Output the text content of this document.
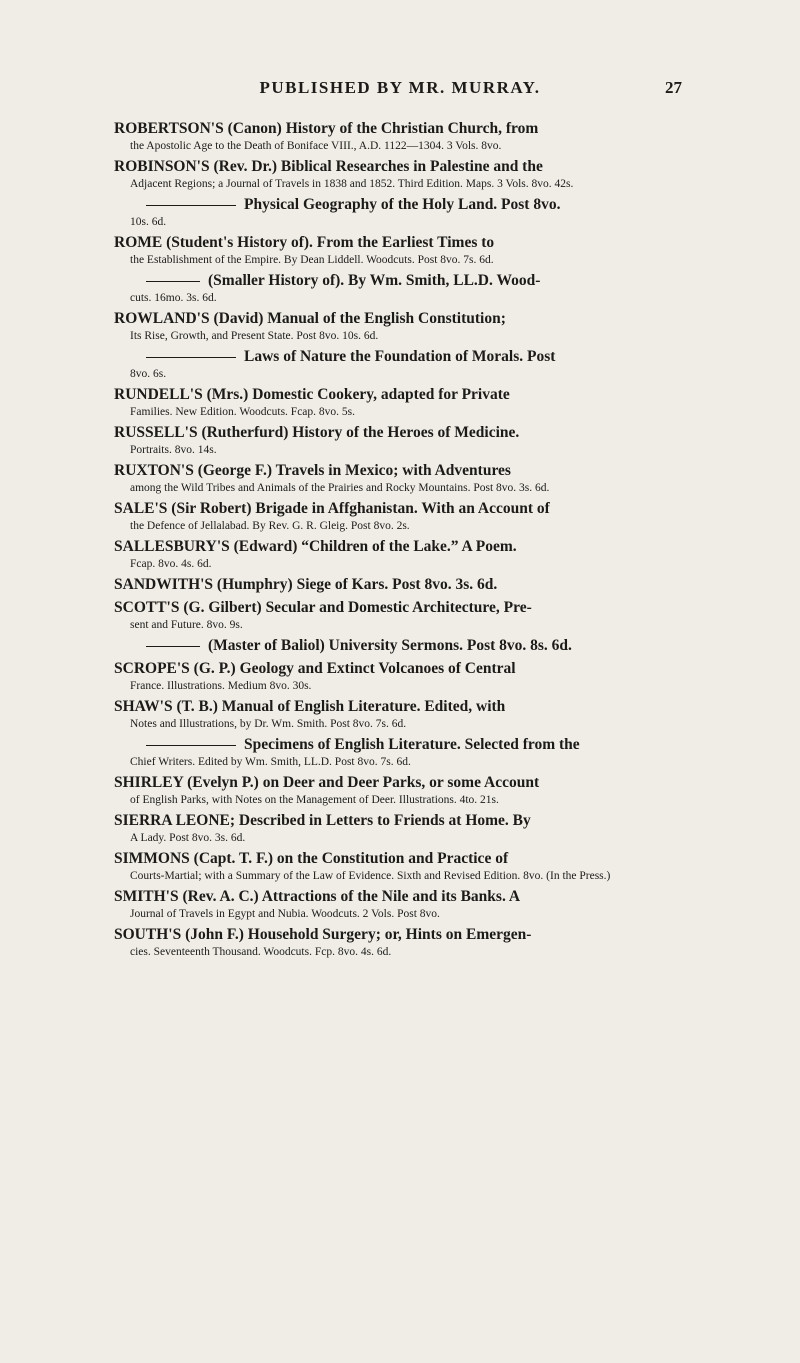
PUBLISHED BY MR. MURRAY.	27
ROBERTSON'S (Canon) History of the Christian Church, from
the Apostolic Age to the Death of Boniface VIII., A.D. 1122—1304. 3 Vols. 8vo.
ROBINSON'S (Rev. Dr.) Biblical Researches in Palestine and the
Adjacent Regions; a Journal of Travels in 1838 and 1852. Third Edition. Maps. 3 Vols. 8vo. 42s.
Physical Geography of the Holy Land. Post 8vo.
10s. 6d.
ROME (Student's History of). From the Earliest Times to
the Establishment of the Empire. By Dean Liddell. Woodcuts. Post 8vo. 7s. 6d.
(Smaller History of). By Wm. Smith, LL.D. Wood-
cuts. 16mo. 3s. 6d.
ROWLAND'S (David) Manual of the English Constitution;
Its Rise, Growth, and Present State. Post 8vo. 10s. 6d.
Laws of Nature the Foundation of Morals. Post
8vo. 6s.
RUNDELL'S (Mrs.) Domestic Cookery, adapted for Private
Families. New Edition. Woodcuts. Fcap. 8vo. 5s.
RUSSELL'S (Rutherfurd) History of the Heroes of Medicine.
Portraits. 8vo. 14s.
RUXTON'S (George F.) Travels in Mexico; with Adventures
among the Wild Tribes and Animals of the Prairies and Rocky Mountains. Post 8vo. 3s. 6d.
SALE'S (Sir Robert) Brigade in Affghanistan. With an Account of
the Defence of Jellalabad. By Rev. G. R. Gleig. Post 8vo. 2s.
SALLESBURY'S (Edward) “Children of the Lake.” A Poem.
Fcap. 8vo. 4s. 6d.
SANDWITH'S (Humphry) Siege of Kars. Post 8vo. 3s. 6d.
SCOTT'S (G. Gilbert) Secular and Domestic Architecture, Pre-
sent and Future. 8vo. 9s.
(Master of Baliol) University Sermons. Post 8vo. 8s. 6d.
SCROPE'S (G. P.) Geology and Extinct Volcanoes of Central
France. Illustrations. Medium 8vo. 30s.
SHAW'S (T. B.) Manual of English Literature. Edited, with
Notes and Illustrations, by Dr. Wm. Smith. Post 8vo. 7s. 6d.
Specimens of English Literature. Selected from the
Chief Writers. Edited by Wm. Smith, LL.D. Post 8vo. 7s. 6d.
SHIRLEY (Evelyn P.) on Deer and Deer Parks, or some Account
of English Parks, with Notes on the Management of Deer. Illustrations. 4to. 21s.
SIERRA LEONE; Described in Letters to Friends at Home. By
A Lady. Post 8vo. 3s. 6d.
SIMMONS (Capt. T. F.) on the Constitution and Practice of
Courts-Martial; with a Summary of the Law of Evidence. Sixth and Revised Edition. 8vo. (In the Press.)
SMITH'S (Rev. A. C.) Attractions of the Nile and its Banks. A
Journal of Travels in Egypt and Nubia. Woodcuts. 2 Vols. Post 8vo.
SOUTH'S (John F.) Household Surgery; or, Hints on Emergen-
cies. Seventeenth Thousand. Woodcuts. Fcp. 8vo. 4s. 6d.
